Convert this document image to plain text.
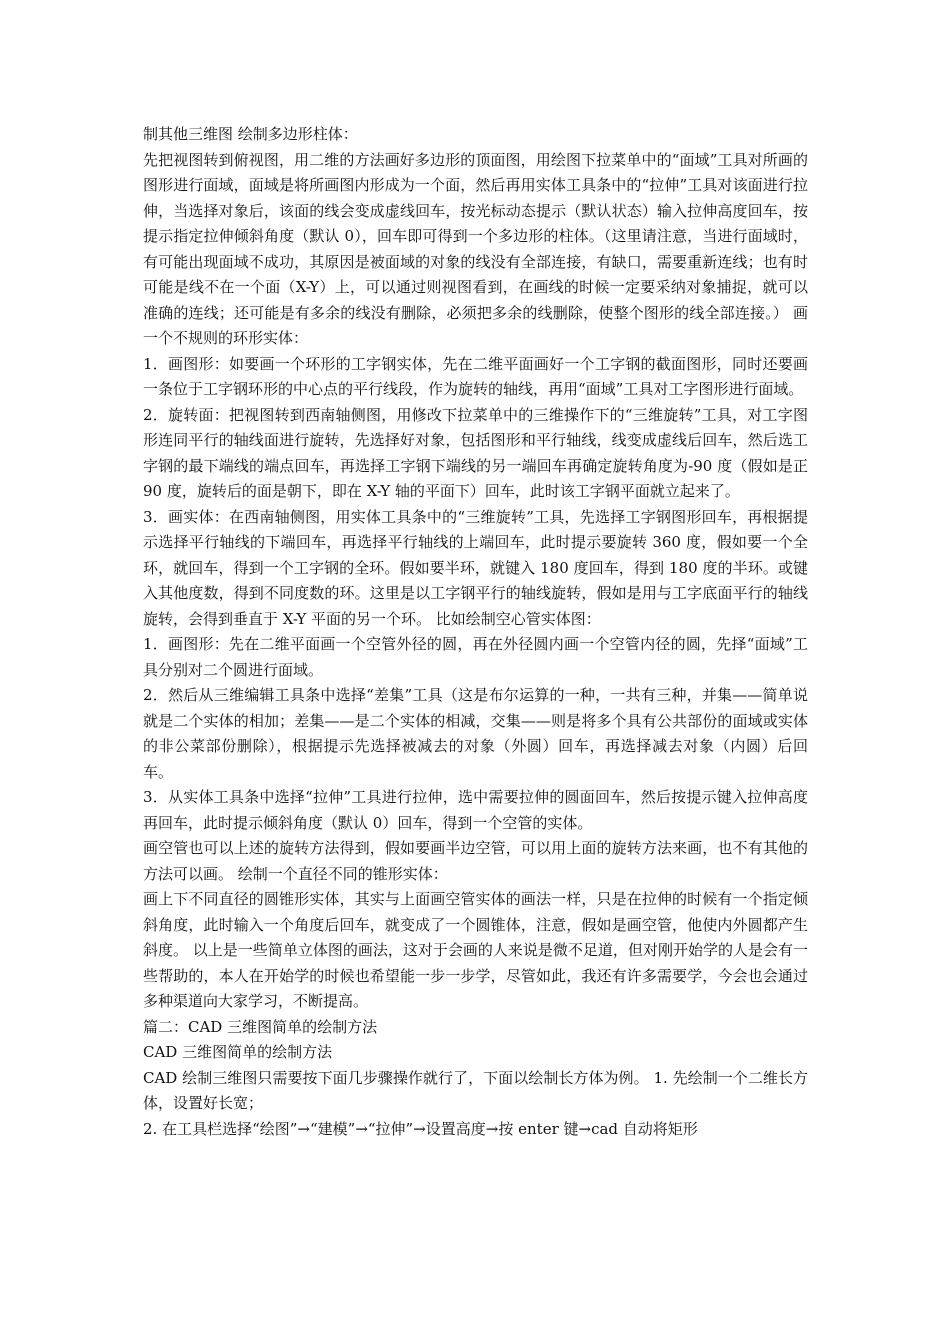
制其他三维图 绘制多边形柱体：

先把视图转到俯视图，用二维的方法画好多边形的顶面图，用绘图下拉菜单中的“面域”工具对所画的图形进行面域，面域是将所画图内形成为一个面，然后再用实体工具条中的“拉伸”工具对该面进行拉伸，当选择对象后，该面的线会变成虚线回车，按光标动态提示（默认状态）输入拉伸高度回车，按提示指定拉伸倾斜角度（默认 0），回车即可得到一个多边形的柱体。（这里请注意，当进行面域时，有可能出现面域不成功，其原因是被面域的对象的线没有全部连接，有缺口，需要重新连线；也有时可能是线不在一个面（X-Y）上，可以通过则视图看到，在画线的时候一定要采纳对象捕捉，就可以准确的连线；还可能是有多余的线没有删除，必须把多余的线删除，使整个图形的线全部连接。） 画一个不规则的环形实体：

1．画图形：如要画一个环形的工字钢实体，先在二维平面画好一个工字钢的截面图形，同时还要画一条位于工字钢环形的中心点的平行线段，作为旋转的轴线，再用“面域”工具对工字图形进行面域。

2．旋转面：把视图转到西南轴侧图，用修改下拉菜单中的三维操作下的“三维旋转”工具，对工字图形连同平行的轴线面进行旋转，先选择好对象，包括图形和平行轴线，线变成虚线后回车，然后选工字钢的最下端线的端点回车，再选择工字钢下端线的另一端回车再确定旋转角度为-90 度（假如是正 90 度，旋转后的面是朝下，即在 X-Y 轴的平面下）回车，此时该工字钢平面就立起来了。

3．画实体：在西南轴侧图，用实体工具条中的“三维旋转”工具，先选择工字钢图形回车，再根据提示选择平行轴线的下端回车，再选择平行轴线的上端回车，此时提示要旋转 360 度，假如要一个全环，就回车，得到一个工字钢的全环。假如要半环，就键入 180 度回车，得到 180 度的半环。或键入其他度数，得到不同度数的环。这里是以工字钢平行的轴线旋转，假如是用与工字底面平行的轴线旋转，会得到垂直于 X-Y 平面的另一个环。 比如绘制空心管实体图：

1．画图形：先在二维平面画一个空管外径的圆，再在外径圆内画一个空管内径的圆，先择“面域”工具分别对二个圆进行面域。

2．然后从三维编辑工具条中选择“差集”工具（这是布尔运算的一种，一共有三种，并集——简单说就是二个实体的相加；差集——是二个实体的相减，交集——则是将多个具有公共部份的面域或实体的非公菜部份删除），根据提示先选择被减去的对象（外圆）回车，再选择减去对象（内圆）后回车。

3．从实体工具条中选择“拉伸”工具进行拉伸，选中需要拉伸的圆面回车，然后按提示键入拉伸高度再回车，此时提示倾斜角度（默认 0）回车，得到一个空管的实体。

画空管也可以上述的旋转方法得到，假如要画半边空管，可以用上面的旋转方法来画，也不有其他的方法可以画。 绘制一个直径不同的锥形实体：

画上下不同直径的圆锥形实体，其实与上面画空管实体的画法一样，只是在拉伸的时候有一个指定倾斜角度，此时输入一个角度后回车，就变成了一个圆锥体，注意，假如是画空管，他使内外圆都产生斜度。 以上是一些简单立体图的画法，这对于会画的人来说是微不足道，但对刚开始学的人是会有一些帮助的，本人在开始学的时候也希望能一步一步学，尽管如此，我还有许多需要学，今会也会通过多种渠道向大家学习，不断提高。

篇二：CAD 三维图简单的绘制方法

CAD 三维图简单的绘制方法

CAD 绘制三维图只需要按下面几步骤操作就行了，下面以绘制长方体为例。 1. 先绘制一个二维长方体，设置好长宽；

2. 在工具栏选择“绘图”→“建模”→“拉伸”→设置高度→按 enter 键→cad 自动将矩形
